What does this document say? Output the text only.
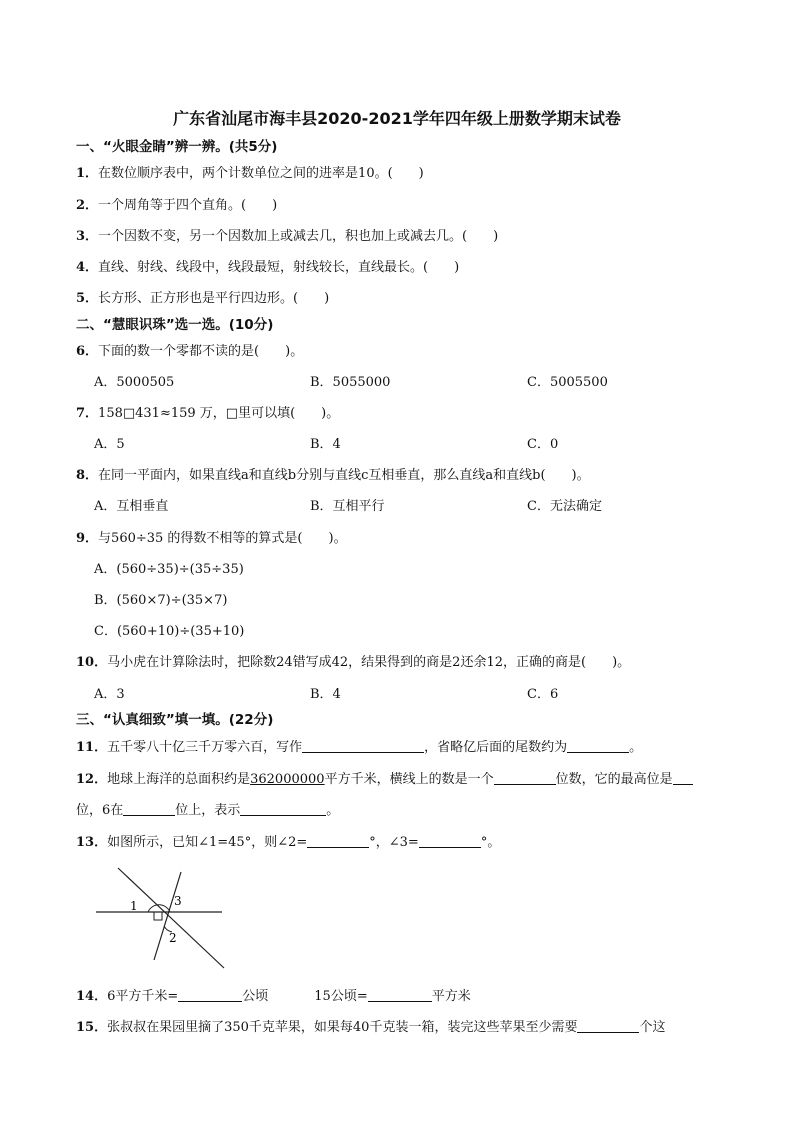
广东省汕尾市海丰县2020-2021学年四年级上册数学期末试卷
一、“火眼金睛”辨一辨。(共5分)
1．在数位顺序表中，两个计数单位之间的进率是10。(　　)
2．一个周角等于四个直角。(　　)
3．一个因数不变，另一个因数加上或减去几，积也加上或减去几。(　　)
4．直线、射线、线段中，线段最短，射线较长，直线最长。(　　)
5．长方形、正方形也是平行四边形。(　　)
二、“慧眼识珠”选一选。(10分)
6．下面的数一个零都不读的是(　　)。
A．5000505	B．5055000	C．5005500
7．158□431≈159 万，□里可以填(　　)。
A．5	B．4	C．0
8．在同一平面内，如果直线a和直线b分别与直线c互相垂直，那么直线a和直线b(　　)。
A．互相垂直	B．互相平行	C．无法确定
9．与560÷35 的得数不相等的算式是(　　)。
A．(560÷35)÷(35÷35)
B．(560×7)÷(35×7)
C．(560+10)÷(35+10)
10．马小虎在计算除法时，把除数24错写成42，结果得到的商是2还余12，正确的商是(　　)。
A．3	B．4	C．6
三、“认真细致”填一填。(22分)
11．五千零八十亿三千万零六百，写作	，省略亿后面的尾数约为	。
12．地球上海洋的总面积约是362000000平方千米，横线上的数是一个	位数，它的最高位是
位，6在	位上，表示	。
13．如图所示，已知∠1=45°，则∠2=	°，∠3=	°。
1	3
2
14．6平方千米=	公顷	15公顷=	平方米
15．张叔叔在果园里摘了350千克苹果，如果每40千克装一箱，装完这些苹果至少需要	个这
